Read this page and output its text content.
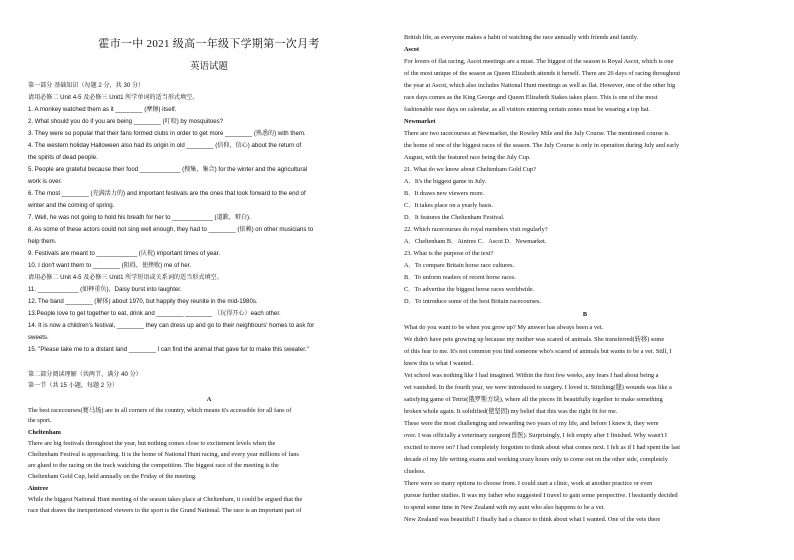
霍市一中 2021 级高一年级下学期第一次月考
英语试题
第一部分 基础知识（每题 2 分，共 30 分）
请用必修二 Unit 4-5 及必修三 Unit1 所学单词的适当形式填空。
1. A monkey watched them as it ________ (摩擦) itself.
2. What should you do if you are being ________ (叮咬) by mosquitoes?
3. They were so popular that their fans formed clubs in order to get more ________ (熟悉的) with them.
4. The western holiday Halloween also had its origin in old ________ (信仰，信心) about the return of
the spirits of dead people.
5. People are grateful because their food ____________ (搜集，集合) for the winter and the agricultural
work is over.
6. The most ________ (充满活力的) and important festivals are the ones that look forward to the end of
winter and the coming of spring.
7. Well, he was not going to hold his breath for her to ____________ (道歉，辩白).
8. As some of these actors could not sing well enough, they had to ________ (依赖) on other musicians to
help them.
9. Festivals are meant to ____________ (庆祝) important times of year.
10. I don't want them to ________ (阻碍，使挫败) me of her.
请用必修二 Unit 4-5 及必修三 Unit1 所学短语或关系词的适当形式填空。
11. ____________ (如释重负)，Daisy burst into laughter.
12. The band ________ (解体) about 1970, but happily they reunite in the mid-1980s.
13.People love to get together to eat, drink and ________ ________ （玩得开心）each other.
14. It is now a children's festival, ________ they can dress up and go to their neighbours' homes to ask for
sweets.
15. "Please take me to a distant land ________ I can find the animal that gave fur to make this sweater."
第二部分阅读理解（共两节，满分 40 分）
第一节（共 15 小题，每题 2 分）
A
The best racecourses(赛马场) are in all corners of the country, which means it's accessible for all fans of
the sport.
Cheltenham
There are big festivals throughout the year, but nothing comes close to excitement levels when the
Cheltenham Festival is approaching. It is the home of National Hunt racing, and every year millions of fans
are glued to the racing on the track watching the competition. The biggest race of the meeting is the
Cheltenham Gold Cup, held annually on the Friday of the meeting.
Aintree
While the biggest National Hunt meeting of the season takes place at Cheltenham, it could be argued that the
race that draws the inexperienced viewers to the sport is the Grand National. The race is an important part of
British life, as everyone makes a habit of watching the race annually with friends and family.
Ascot
For lovers of flat racing, Ascot meetings are a must. The biggest of the season is Royal Ascot, which is one
of the most unique of the season as Queen Elizabeth attends it herself. There are 26 days of racing throughout
the year at Ascot, which also includes National Hunt meetings as well as flat. However, one of the other big
race days comes as the King George and Queen Elizabeth Stakes takes place. This is one of the most
fashionable race days on calendar, as all visitors entering certain zones must be wearing a top hat.
Newmarket
There are two racecourses at Newmarket, the Rowley Mile and the July Course. The mentioned course is
the home of one of the biggest races of the season. The July Course is only in operation during July and early
August, with the featured race being the July Cup.
21. What do we know about Cheltenham Gold Cup?
A．It's the biggest game in July.
B．It draws new viewers more.
C．It takes place on a yearly basis.
D．It features the Cheltenham Festival.
22. Which racecourses do royal members visit regularly?
A．Cheltenham B．Aintree C．Ascot D．Newmarket.
23. What is the purpose of the text?
A．To compare Britain horse race cultures.
B．To unform readers of recent horse races.
C．To advertise the biggest horse races worldwide.
D．To introduce some of the best Britain racecourses.
B
What do you want to be when you grow up? My answer has always been a vet.
We didn't have pets growing up because my mother was scared of animals. She transferred(转移) some
of this fear to me. It's not common you find someone who's scared of animals but wants to be a vet. Still, I
knew this is what I wanted.
Vet school was nothing like I had imagined. Within the first few weeks, any fears I had about being a
vet vanished. In the fourth year, we were introduced to surgery. I loved it. Stitching(缝) wounds was like a
satisfying game of Tetris(俄罗斯方块), where all the pieces fit beautifully together to make something
broken whole again. It solidified(使坚固) my belief that this was the right fit for me.
These were the most challenging and rewarding two years of my life, and before I knew it, they were
over. I was officially a veterinary surgeon(兽医). Surprisingly, I felt empty after I finished. Why wasn't I
excited to move on? I had completely forgotten to think about what comes next. I felt as if I had spent the last
decade of my life writing exams and working crazy hours only to come out on the other side, completely
clueless.
There were so many options to choose from. I could start a clinic, work at another practice or even
pursue further studies. It was my father who suggested I travel to gain some perspective. I hesitantly decided
to spend some time in New Zealand with my aunt who also happens to be a vet.
New Zealand was beautiful! I finally had a chance to think about what I wanted. One of the vets there
